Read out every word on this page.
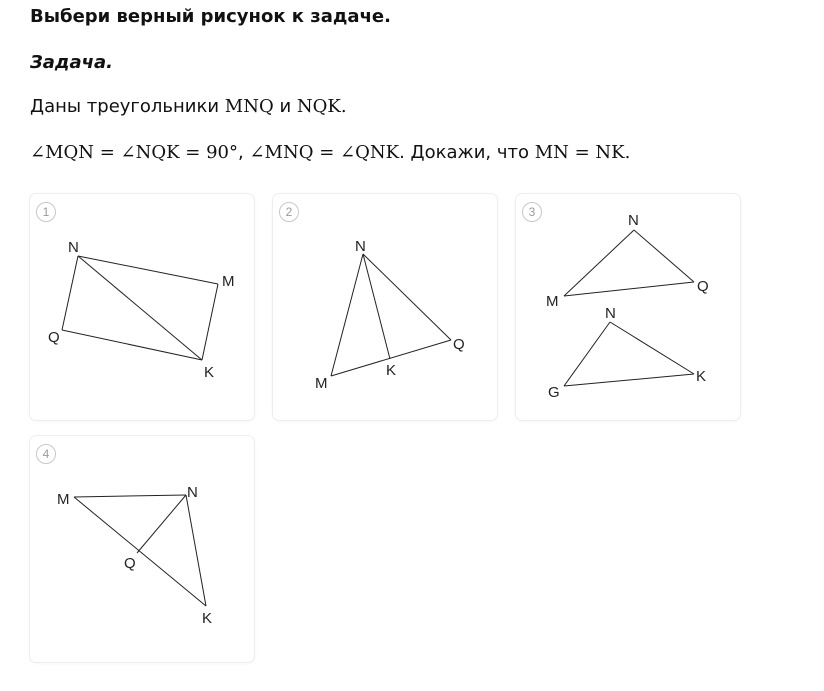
Выбери верный рисунок к задаче.
Задача.
Даны треугольники MNQ и NQK.
∠MQN = ∠NQK = 90°, ∠MNQ = ∠QNK. Докажи, что MN = NK.
1
N
M
Q
K
2
N
M
Q
K
3	N
M
Q
N
G
K
4
M	N
Q
K
